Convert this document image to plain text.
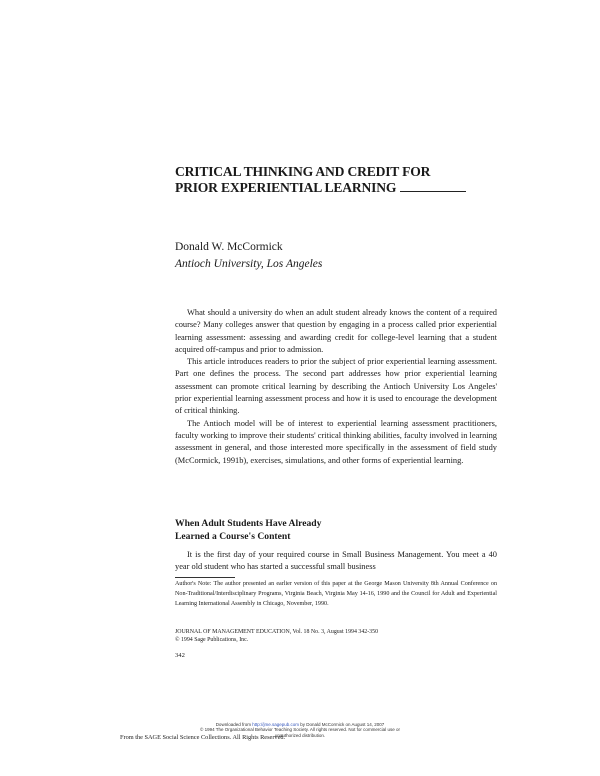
CRITICAL THINKING AND CREDIT FOR
PRIOR EXPERIENTIAL LEARNING
Donald W. McCormick
Antioch University, Los Angeles

What should a university do when an adult student already knows the content of a required course? Many colleges answer that question by engaging in a process called prior experiential learning assessment: assessing and awarding credit for college-level learning that a student acquired off-campus and prior to admission.

This article introduces readers to prior the subject of prior experiential learning assessment. Part one defines the process. The second part addresses how prior experiential learning assessment can promote critical learning by describing the Antioch University Los Angeles' prior experiential learning assessment process and how it is used to encourage the development of critical thinking.

The Antioch model will be of interest to experiential learning assessment practitioners, faculty working to improve their students' critical thinking abilities, faculty involved in learning assessment in general, and those interested more specifically in the assessment of field study (McCormick, 1991b), exercises, simulations, and other forms of experiential learning.

When Adult Students Have Already
Learned a Course's Content

It is the first day of your required course in Small Business Management. You meet a 40 year old student who has started a successful small business

Author's Note: The author presented an earlier version of this paper at the George Mason University 8th Annual Conference on Non-Traditional/Interdisciplinary Programs, Virginia Beach, Virginia May 14-16, 1990 and the Council for Adult and Experiential Learning International Assembly in Chicago, November, 1990.

JOURNAL OF MANAGEMENT EDUCATION, Vol. 18 No. 3, August 1994 342-350
© 1994 Sage Publications, Inc.
342
Downloaded from http://jme.sagepub.com by Donald McCormick on August 14, 2007
© 1994 The Organizational Behavior Teaching Society. All rights reserved. Not for commercial use or
unauthorized distribution.
From the SAGE Social Science Collections. All Rights Reserved.
